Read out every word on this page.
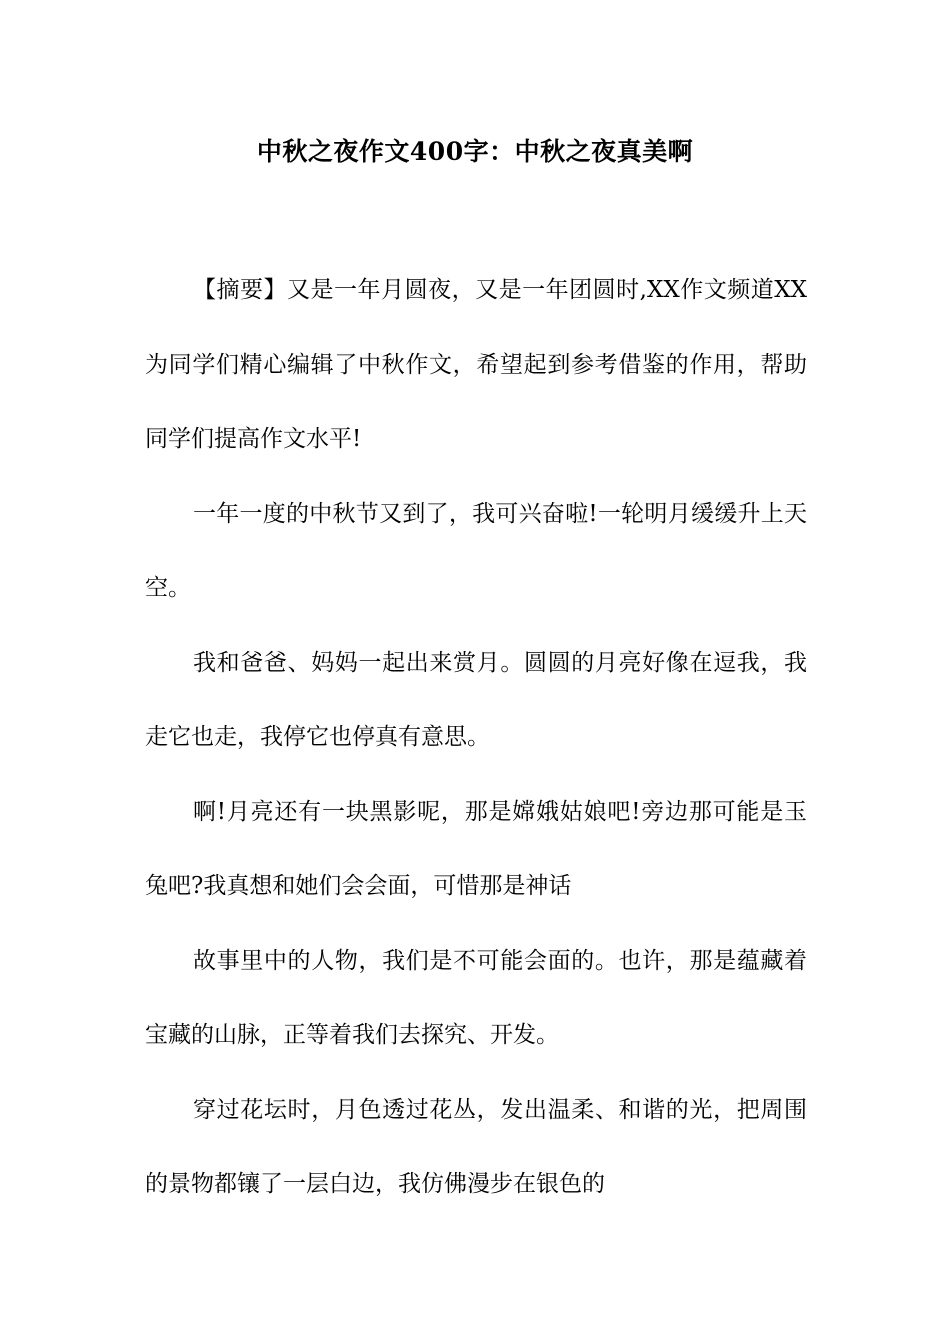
中秋之夜作文400字：中秋之夜真美啊

【摘要】又是一年月圆夜，又是一年团圆时,XX作文频道XX为同学们精心编辑了中秋作文，希望起到参考借鉴的作用，帮助同学们提高作文水平!

一年一度的中秋节又到了，我可兴奋啦!一轮明月缓缓升上天空。

我和爸爸、妈妈一起出来赏月。圆圆的月亮好像在逗我，我走它也走，我停它也停真有意思。

啊!月亮还有一块黑影呢，那是嫦娥姑娘吧!旁边那可能是玉兔吧?我真想和她们会会面，可惜那是神话

故事里中的人物，我们是不可能会面的。也许，那是蕴藏着宝藏的山脉，正等着我们去探究、开发。

穿过花坛时，月色透过花丛，发出温柔、和谐的光，把周围的景物都镶了一层白边，我仿佛漫步在银色的
